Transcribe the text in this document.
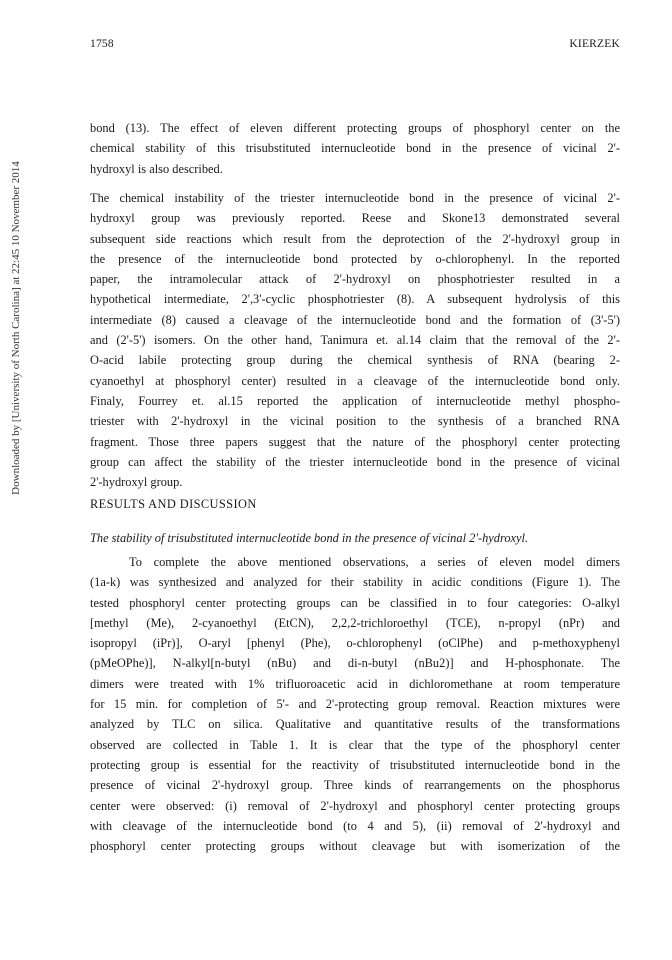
1758	KIERZEK
Downloaded by [University of North Carolina] at 22:45 10 November 2014
bond (13). The effect of eleven different protecting groups of phosphoryl center on the
chemical stability of this trisubstituted internucleotide bond in the presence of vicinal 2'-
hydroxyl is also described.
The chemical instability of the triester internucleotide bond in the presence of vicinal 2'-
hydroxyl group was previously reported. Reese and Skone13 demonstrated several
subsequent side reactions which result from the deprotection of the 2'-hydroxyl group in
the presence of the internucleotide bond protected by o-chlorophenyl. In the reported
paper, the intramolecular attack of 2'-hydroxyl on phosphotriester resulted in a
hypothetical intermediate, 2',3'-cyclic phosphotriester (8). A subsequent hydrolysis of this
intermediate (8) caused a cleavage of the internucleotide bond and the formation of (3'-5')
and (2'-5') isomers. On the other hand, Tanimura et. al.14 claim that the removal of the 2'-
O-acid labile protecting group during the chemical synthesis of RNA (bearing 2-
cyanoethyl at phosphoryl center) resulted in a cleavage of the internucleotide bond only.
Finaly, Fourrey et. al.15 reported the application of internucleotide methyl phospho-
triester with 2'-hydroxyl in the vicinal position to the synthesis of a branched RNA
fragment. Those three papers suggest that the nature of the phosphoryl center protecting
group can affect the stability of the triester internucleotide bond in the presence of vicinal
2'-hydroxyl group.
RESULTS AND DISCUSSION
The stability of trisubstituted internucleotide bond in the presence of vicinal 2'-hydroxyl.
To complete the above mentioned observations, a series of eleven model dimers
(1a-k) was synthesized and analyzed for their stability in acidic conditions (Figure 1). The
tested phosphoryl center protecting groups can be classified in to four categories: O-alkyl
[methyl (Me), 2-cyanoethyl (EtCN), 2,2,2-trichloroethyl (TCE), n-propyl (nPr) and
isopropyl (iPr)], O-aryl [phenyl (Phe), o-chlorophenyl (oClPhe) and p-methoxyphenyl
(pMeOPhe)], N-alkyl[n-butyl (nBu) and di-n-butyl (nBu2)] and H-phosphonate. The
dimers were treated with 1% trifluoroacetic acid in dichloromethane at room temperature
for 15 min. for completion of 5'- and 2'-protecting group removal. Reaction mixtures were
analyzed by TLC on silica. Qualitative and quantitative results of the transformations
observed are collected in Table 1. It is clear that the type of the phosphoryl center
protecting group is essential for the reactivity of trisubstituted internucleotide bond in the
presence of vicinal 2'-hydroxyl group. Three kinds of rearrangements on the phosphorus
center were observed: (i) removal of 2'-hydroxyl and phosphoryl center protecting groups
with cleavage of the internucleotide bond (to 4 and 5), (ii) removal of 2'-hydroxyl and
phosphoryl center protecting groups without cleavage but with isomerization of the
